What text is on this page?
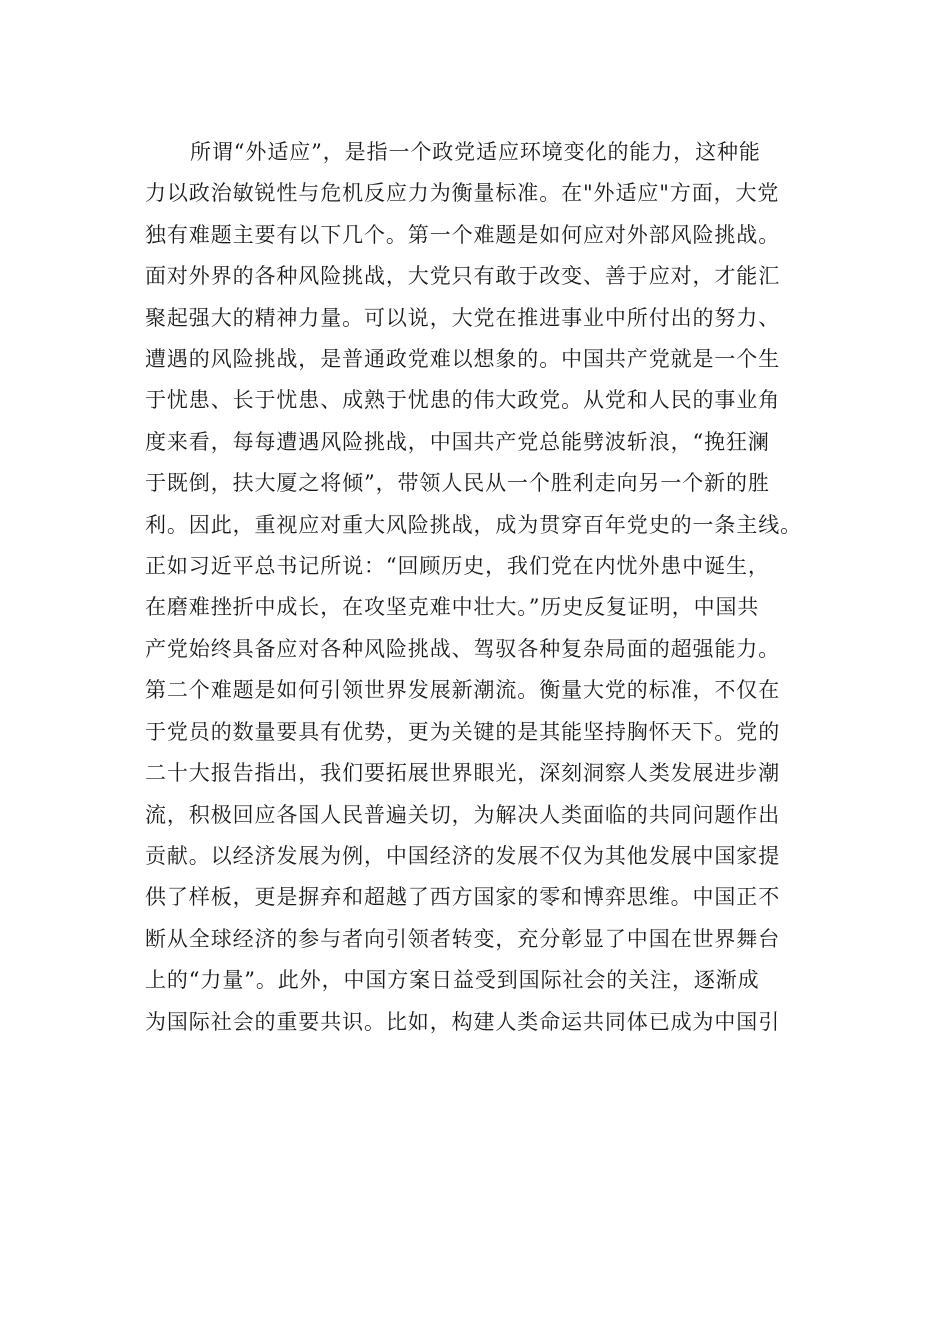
所谓“外适应”，是指一个政党适应环境变化的能力，这种能
力以政治敏锐性与危机反应力为衡量标准。在"外适应"方面，大党
独有难题主要有以下几个。第一个难题是如何应对外部风险挑战。
面对外界的各种风险挑战，大党只有敢于改变、善于应对，才能汇
聚起强大的精神力量。可以说，大党在推进事业中所付出的努力、
遭遇的风险挑战，是普通政党难以想象的。中国共产党就是一个生
于忧患、长于忧患、成熟于忧患的伟大政党。从党和人民的事业角
度来看，每每遭遇风险挑战，中国共产党总能劈波斩浪，“挽狂澜
于既倒，扶大厦之将倾”，带领人民从一个胜利走向另一个新的胜
利。因此，重视应对重大风险挑战，成为贯穿百年党史的一条主线。
正如习近平总书记所说：“回顾历史，我们党在内忧外患中诞生，
在磨难挫折中成长，在攻坚克难中壮大。”历史反复证明，中国共
产党始终具备应对各种风险挑战、驾驭各种复杂局面的超强能力。
第二个难题是如何引领世界发展新潮流。衡量大党的标准，不仅在
于党员的数量要具有优势，更为关键的是其能坚持胸怀天下。党的
二十大报告指出，我们要拓展世界眼光，深刻洞察人类发展进步潮
流，积极回应各国人民普遍关切，为解决人类面临的共同问题作出
贡献。以经济发展为例，中国经济的发展不仅为其他发展中国家提
供了样板，更是摒弃和超越了西方国家的零和博弈思维。中国正不
断从全球经济的参与者向引领者转变，充分彰显了中国在世界舞台
上的“力量”。此外，中国方案日益受到国际社会的关注，逐渐成
为国际社会的重要共识。比如，构建人类命运共同体已成为中国引
